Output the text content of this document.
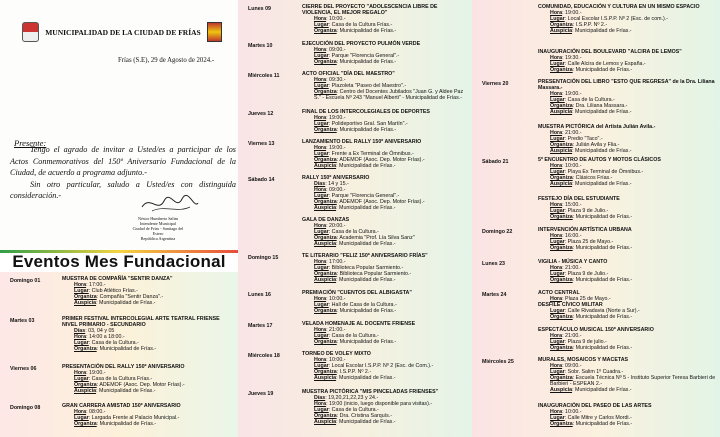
MUNICIPALIDAD DE LA CIUDAD DE FRÍAS
Frías (S.E), 29 de Agosto de 2024.-
Presente:

Tengo el agrado de invitar a Usted/es a participar de los Actos Conmemorativos del 150º Aniversario Fundacional de la Ciudad, de acuerdo a programa adjunto.-

Sin otro particular, saludo a Usted/es con distinguida consideración.-

Néstor Humberto Salim
Intendente Municipal
Ciudad de Frías - Santiago del Estero
República Argentina
Eventos Mes Fundacional
Domingo 01	MUESTRA DE COMPAÑÍA "SENTIR DANZA"
Hora: 17:00.-
Lugar: Club Atlético Frías.-
Organiza: Compañía "Sentir Danza".-
Auspicia: Municipalidad de Frías.-
Martes 03	PRIMER FESTIVAL INTERCOLEGIAL ARTE TEATRAL FRIENSE NIVEL PRIMARIO - SECUNDARIO
Días: 03, 04 y 05
Hora: 14:00 a 18:00.-
Lugar: Casa de la Cultura.-
Organiza: Municipalidad de Frías.-
Viernes 06	PRESENTACIÓN DEL RALLY 150º ANIVERSARIO
Hora: 19:00.-
Lugar: Casa de la Cultura Frías.-
Organiza: ADEMOF (Asoc. Dep. Motor Frías).-
Auspicia: Municipalidad de Frías.-
Domingo 08	GRAN CARRERA AMISTAD 150º ANIVERSARIO
Hora: 08:00.-
Lugar: Largada Frente al Palacio Municipal.-
Organiza: Municipalidad de Frías.-
Lunes 09	CIERRE DEL PROYECTO "ADOLESCENCIA LIBRE DE VIOLENCIA, EL MEJOR REGALO"
Hora: 10:00.-
Lugar: Casa de la Cultura Frías.-
Organiza: Municipalidad de Frías.-
Martes 10	EJECUCIÓN DEL PROYECTO PULMÓN VERDE
Hora: 09:00.-
Lugar: Parque "Florencia General".-
Organiza: Municipalidad de Frías.-
Miércoles 11	ACTO OFICIAL "DÍA DEL MAESTRO"
Hora: 09:30.-
Lugar: Plazoleta "Paseo del Maestro".-
Organiza: Centro del Docentes Jubilados "Juan G. y Aldee Paz S." - Escuela Nº 243 "Manuel Alberti" - Municipalidad de Frías.-
Jueves 12	FINAL DE LOS INTERCOLEGIALES DE DEPORTES
Hora: 19:00.-
Lugar: Polideportivo Gral. San Martín".-
Organiza: Municipalidad de Frías.-
Viernes 13	LANZAMIENTO DEL RALLY 150º ANIVERSARIO
Hora: 19:00.-
Lugar: Frente a Ex Terminal de Ómnibus.-
Organiza: ADEMOF (Asoc. Dep. Motor Frías).-
Auspicia: Municipalidad de Frías.-
Sábado 14	RALLY 150º ANIVERSARIO
Días: 14 y 15.-
Hora: 09:00.-
Lugar: Parque "Florencia General".-
Organiza: ADEMOF (Asoc. Dep. Motor Frías).-
Auspicia: Municipalidad de Frías.-
GALA DE DANZAS
Hora: 20:00.-
Lugar: Casa de la Cultura.-
Organiza: Academia "Prof. Lía Silva Sanz"
Auspicia: Municipalidad de Frías.-
Domingo 15	TE LITERARIO "FELIZ 150º ANIVERSARIO FRÍAS"
Hora: 17:00.-
Lugar: Biblioteca Popular Sarmiento.-
Organiza: Biblioteca Popular Sarmiento.-
Auspicia: Municipalidad de Frías.-
Lunes 16	PREMIACIÓN "CUENTOS DEL ALBIGASTA"
Hora: 10:00.-
Lugar: Hall de Casa de la Cultura.-
Organiza: Municipalidad de Frías.-
Martes 17	VELADA HOMENAJE AL DOCENTE FRIENSE
Hora: 21:00.-
Lugar: Casa de la Cultura.-
Organiza: Municipalidad de Frías.-
Miércoles 18	TORNEO DE VOLEY MIXTO
Hora: 10:00.-
Lugar: Local Escolar I.S.P.P. Nº 2 (Esc. de Com.).-
Organiza: I.S.P.P. Nº 2.-
Auspicia: Municipalidad de Frías.-
Jueves 19	MUESTRA PICTÓRICA "MIS PINCELADAS FRIENSES"
Días: 19,20,21,22,23 y 24.-
Hora: 19:00 (inicio, luego disponible para visitas).-
Lugar: Casa de la Cultura.-
Organiza: Dra. Cristina Sarquís.-
Auspicia: Municipalidad de Frías.-
COMUNIDAD, EDUCACIÓN Y CULTURA EN UN MISMO ESPACIO
Hora: 19:00.-
Lugar: Local Escolar I.S.P.P. Nº 2 (Esc. de com.).-
Organiza: I.S.P.P. Nº 2.-
Auspicia: Municipalidad de Frías.-
INAUGURACIÓN DEL BOULEVARD "ALCIRA DE LEMOS"
Hora: 19:30.-
Lugar: Calle Alcira de Lemos y España.-
Organiza: Municipalidad de Frías.-
Viernes 20	PRESENTACIÓN DEL LIBRO "ESTO QUE REGRESA" de la Dra. Liliana Massara.-
Hora: 19:00.-
Lugar: Casa de la Cultura.-
Organiza: Dra. Liliana Massara.-
Auspicia: Municipalidad de Frías.-
MUESTRA PICTÓRICA del Artista Julián Avila.-
Hora: 21:00.-
Lugar: Predio "Taco".-
Organiza: Julián Avila y Flia.-
Auspicia: Municipalidad de Frías.-
Sábado 21	5º ENCUENTRO DE AUTOS Y MOTOS CLÁSICOS
Hora: 10:00.-
Lugar: Playa Ex Terminal de Ómnibus.-
Organiza: Clásicos Frías.-
Auspicia: Municipalidad de Frías.-
FESTEJO DÍA DEL ESTUDIANTE
Hora: 15:00.-
Lugar: Plaza 9 de Julio.-
Organiza: Municipalidad de Frías.-
Domingo 22	INTERVENCIÓN ARTÍSTICA URBANA
Hora: 16:00.-
Lugar: Plaza 25 de Mayo.-
Organiza: Municipalidad de Frías.-
Lunes 23	VIGILIA - MÚSICA Y CANTO
Hora: 21:00.-
Lugar: Plaza 9 de Julio.-
Organiza: Municipalidad de Frías.-
Martes 24	ACTO CENTRAL
Hora: Plaza 25 de Mayo.-
DESFILE CÍVICO MILITAR
Lugar: Calle Rivadavia (Norte a Sur).-
Organiza: Municipalidad de Frías.-
ESPECTÁCULO MUSICAL 150º ANIVERSARIO
Hora: 21:00.-
Lugar: Plaza 9 de julio.-
Organiza: Municipalidad de Frías.-
Miércoles 25	MURALES, MOSAICOS Y MACETAS
Hora: 09:00.-
Lugar: Sobr. Salim 1º Cuadra.-
Organiza: Escuela Técnica Nº 5 - Instituto Superior Teresa Barbieri de Barbieri - ESPEAN 2.-
Auspicia: Municipalidad de Frías.-
INAUGURACIÓN DEL PASEO DE LAS ARTES
Hora: 10:00.-
Lugar: Calle Mitre y Carlos Mordi.-
Organiza: Municipalidad de Frías.-
